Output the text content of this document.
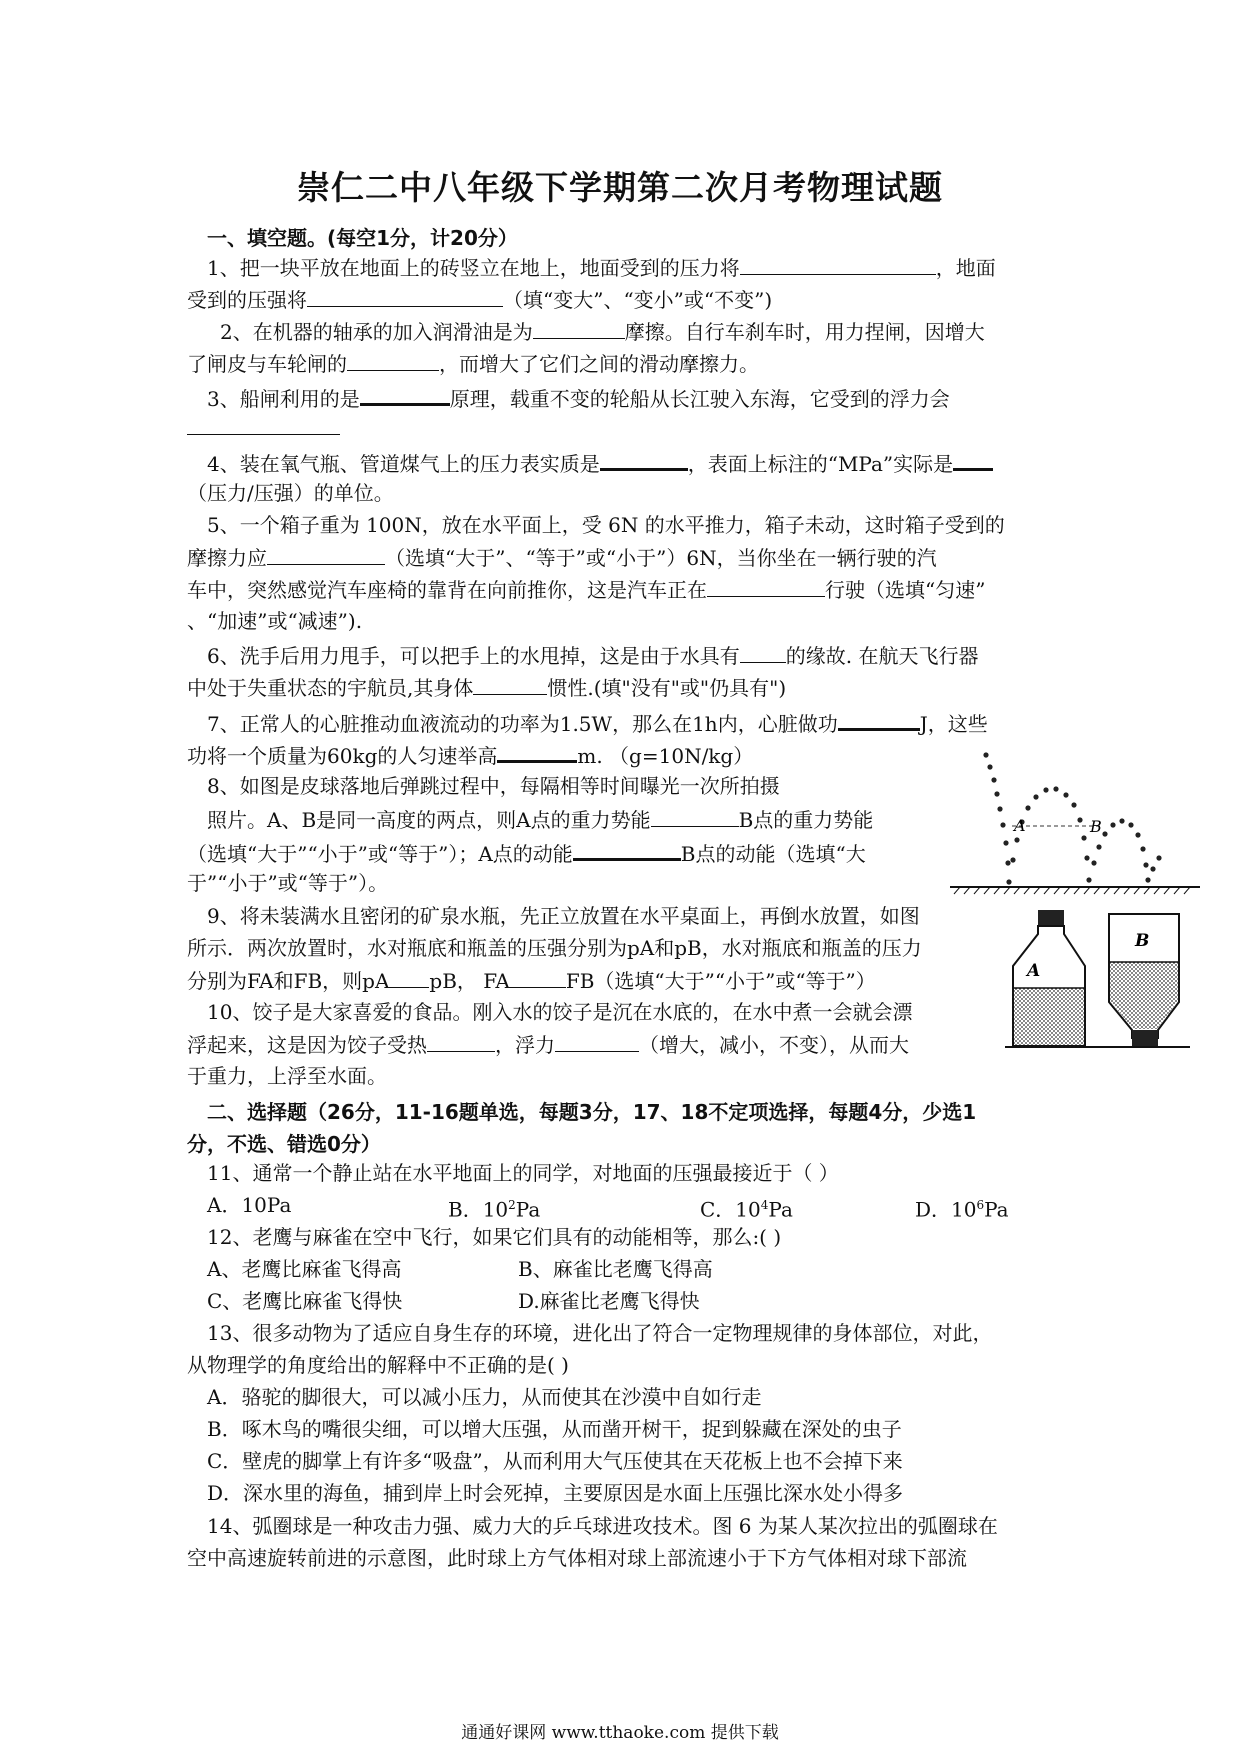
崇仁二中八年级下学期第二次月考物理试题
一、填空题。(每空1分，计20分）
1、把一块平放在地面上的砖竖立在地上，地面受到的压力将	，地面
受到的压强将	（填“变大”、“变小”或“不变”)
2、在机器的轴承的加入润滑油是为	摩擦。自行车刹车时，用力捏闸，因增大
了闸皮与车轮闸的	，而增大了它们之间的滑动摩擦力。
3、船闸利用的是	原理，载重不变的轮船从长江驶入东海，它受到的浮力会
4、装在氧气瓶、管道煤气上的压力表实质是	，表面上标注的“MPa”实际是
（压力/压强）的单位。
5、一个箱子重为 100N，放在水平面上，受 6N 的水平推力，箱子未动，这时箱子受到的
摩擦力应	（选填“大于”、“等于”或“小于”）6N，当你坐在一辆行驶的汽
车中，突然感觉汽车座椅的靠背在向前推你，这是汽车正在	行驶（选填“匀速”
、“加速”或“减速”).
6、洗手后用力甩手，可以把手上的水甩掉，这是由于水具有 的缘故. 在航天飞行器
中处于失重状态的宇航员,其身体	惯性.(填"没有"或"仍具有")
7、正常人的心脏推动血液流动的功率为1.5W，那么在1h内，心脏做功	J，这些
功将一个质量为60kg的人匀速举高	m. （g=10N/kg）
8、如图是皮球落地后弹跳过程中，每隔相等时间曝光一次所拍摄
照片。A、B是同一高度的两点，则A点的重力势能	B点的重力势能
（选填“大于”“小于”或“等于”）；A点的动能	B点的动能（选填“大
于”“小于”或“等于”）。
A	B
9、将未装满水且密闭的矿泉水瓶，先正立放置在水平桌面上，再倒水放置，如图
所示．两次放置时，水对瓶底和瓶盖的压强分别为pA和pB，水对瓶底和瓶盖的压力
分别为FA和FB，则pA pB， FA	FB（选填“大于”“小于”或“等于”）	A
B
10、饺子是大家喜爱的食品。刚入水的饺子是沉在水底的，在水中煮一会就会漂
浮起来，这是因为饺子受热	，浮力	（增大，减小，不变），从而大
于重力，上浮至水面。
二、选择题（26分，11-16题单选，每题3分，17、18不定项选择，每题4分，少选1
分，不选、错选0分）
11、通常一个静止站在水平地面上的同学，对地面的压强最接近于（ ）
A．10Pa	B．$10^2Pa$	C．$10^4Pa$	D．$10^6Pa$
12、老鹰与麻雀在空中飞行，如果它们具有的动能相等，那么:( )
A、老鹰比麻雀飞得高	B、麻雀比老鹰飞得高
C、老鹰比麻雀飞得快	D.麻雀比老鹰飞得快
13、很多动物为了适应自身生存的环境，进化出了符合一定物理规律的身体部位，对此，
从物理学的角度给出的解释中不正确的是( )
A．骆驼的脚很大，可以减小压力，从而使其在沙漠中自如行走
B．啄木鸟的嘴很尖细，可以增大压强，从而凿开树干，捉到躲藏在深处的虫子
C．壁虎的脚掌上有许多“吸盘”，从而利用大气压使其在天花板上也不会掉下来
D．深水里的海鱼，捕到岸上时会死掉，主要原因是水面上压强比深水处小得多
14、弧圈球是一种攻击力强、威力大的乒乓球进攻技术。图 6 为某人某次拉出的弧圈球在
空中高速旋转前进的示意图，此时球上方气体相对球上部流速小于下方气体相对球下部流
通通好课网 www.tthaoke.com 提供下载
